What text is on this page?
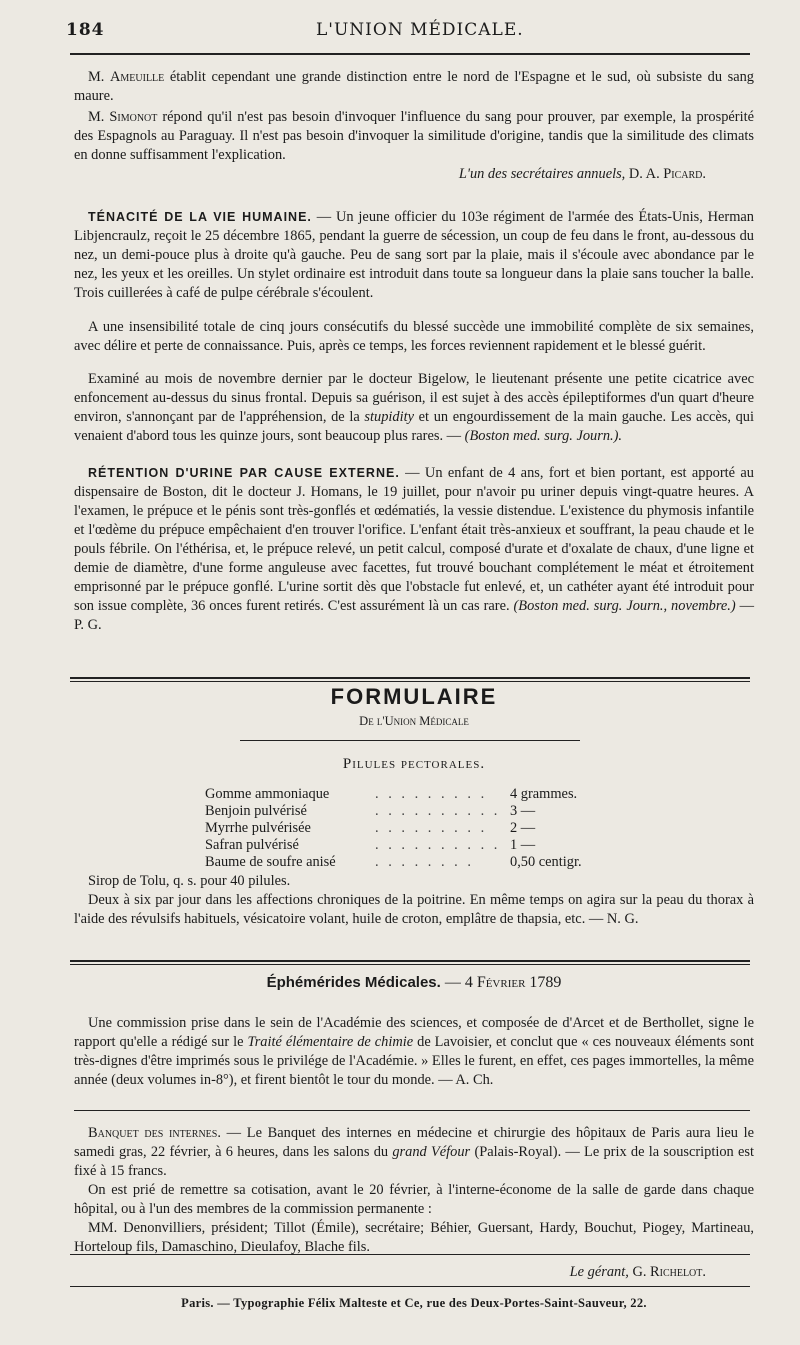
184	L'UNION MÉDICALE.

M. Ameuille établit cependant une grande distinction entre le nord de l'Espagne et le sud, où subsiste du sang maure.

M. Simonot répond qu'il n'est pas besoin d'invoquer l'influence du sang pour prouver, par exemple, la prospérité des Espagnols au Paraguay. Il n'est pas besoin d'invoquer la similitude d'origine, tandis que la similitude des climats en donne suffisamment l'explication.

L'un des secrétaires annuels, D. A. Picard.

TÉNACITÉ DE LA VIE HUMAINE. — Un jeune officier du 103e régiment de l'armée des États-Unis, Herman Libjencraulz, reçoit le 25 décembre 1865, pendant la guerre de sécession, un coup de feu dans le front, au-dessous du nez, un demi-pouce plus à droite qu'à gauche. Peu de sang sort par la plaie, mais il s'écoule avec abondance par le nez, les yeux et les oreilles. Un stylet ordinaire est introduit dans toute sa longueur dans la plaie sans toucher la balle. Trois cuillerées à café de pulpe cérébrale s'écoulent.

A une insensibilité totale de cinq jours consécutifs du blessé succède une immobilité complète de six semaines, avec délire et perte de connaissance. Puis, après ce temps, les forces reviennent rapidement et le blessé guérit.

Examiné au mois de novembre dernier par le docteur Bigelow, le lieutenant présente une petite cicatrice avec enfoncement au-dessus du sinus frontal. Depuis sa guérison, il est sujet à des accès épileptiformes d'un quart d'heure environ, s'annonçant par de l'appréhension, de la stupidity et un engourdissement de la main gauche. Les accès, qui venaient d'abord tous les quinze jours, sont beaucoup plus rares. — (Boston med. surg. Journ.).

RÉTENTION D'URINE PAR CAUSE EXTERNE. — Un enfant de 4 ans, fort et bien portant, est apporté au dispensaire de Boston, dit le docteur J. Homans, le 19 juillet, pour n'avoir pu uriner depuis vingt-quatre heures. A l'examen, le prépuce et le pénis sont très-gonflés et œdématiés, la vessie distendue. L'existence du phymosis infantile et l'œdème du prépuce empêchaient d'en trouver l'orifice. L'enfant était très-anxieux et souffrant, la peau chaude et le pouls fébrile. On l'éthérisa, et, le prépuce relevé, un petit calcul, composé d'urate et d'oxalate de chaux, d'une ligne et demie de diamètre, d'une forme anguleuse avec facettes, fut trouvé bouchant complétement le méat et étroitement emprisonné par le prépuce gonflé. L'urine sortit dès que l'obstacle fut enlevé, et, un cathéter ayant été introduit pour son issue complète, 36 onces furent retirés. C'est assurément là un cas rare. (Boston med. surg. Journ., novembre.) — P. G.

FORMULAIRE
De l'Union Médicale
Pilules pectorales.
Gomme ammoniaque	. . . . . . . . . 4 grammes.
Benjoin pulvérisé	. . . . . . . . . . 3 —
Myrrhe pulvérisée	. . . . . . . . . 2 —
Safran pulvérisé	. . . . . . . . . . 1 —
Baume de soufre anisé	. . . . . . . .	0,50 centigr.

Sirop de Tolu, q. s. pour 40 pilules.

Deux à six par jour dans les affections chroniques de la poitrine. En même temps on agira sur la peau du thorax à l'aide des révulsifs habituels, vésicatoire volant, huile de croton, emplâtre de thapsia, etc. — N. G.

Éphémérides Médicales. — 4 Février 1789

Une commission prise dans le sein de l'Académie des sciences, et composée de d'Arcet et de Berthollet, signe le rapport qu'elle a rédigé sur le Traité élémentaire de chimie de Lavoisier, et conclut que « ces nouveaux éléments sont très-dignes d'être imprimés sous le privilége de l'Académie. » Elles le furent, en effet, ces pages immortelles, la même année (deux volumes in-8°), et firent bientôt le tour du monde. — A. Ch.

Banquet des internes. — Le Banquet des internes en médecine et chirurgie des hôpitaux de Paris aura lieu le samedi gras, 22 février, à 6 heures, dans les salons du grand Véfour (Palais-Royal). — Le prix de la souscription est fixé à 15 francs.

On est prié de remettre sa cotisation, avant le 20 février, à l'interne-économe de la salle de garde dans chaque hôpital, ou à l'un des membres de la commission permanente :

MM. Denonvilliers, président; Tillot (Émile), secrétaire; Béhier, Guersant, Hardy, Bouchut, Piogey, Martineau, Horteloup fils, Damaschino, Dieulafoy, Blache fils.

Le gérant, G. Richelot.
Paris. — Typographie Félix Malteste et Ce, rue des Deux-Portes-Saint-Sauveur, 22.
